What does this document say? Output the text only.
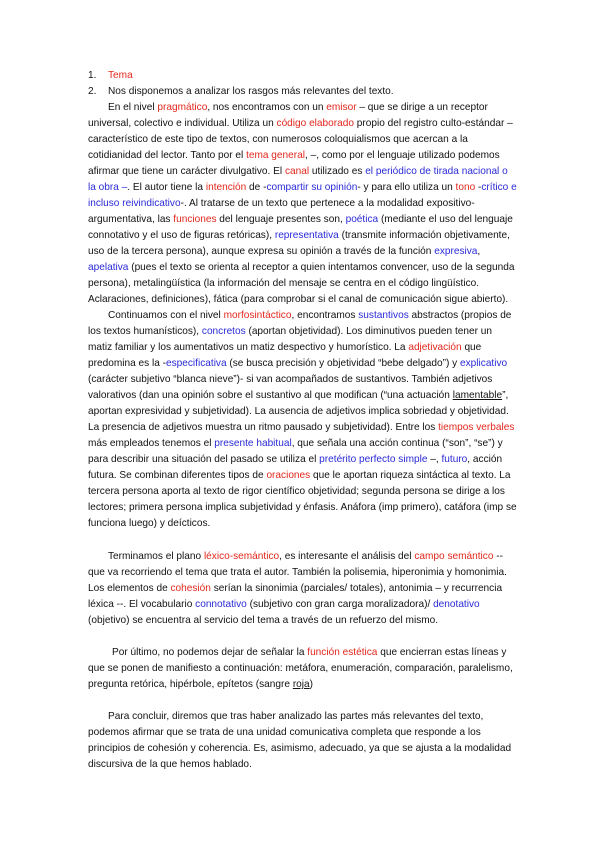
1. Tema
2. Nos disponemos a analizar los rasgos más relevantes del texto.

En el nivel pragmático, nos encontramos con un emisor – que se dirige a un receptor universal, colectivo e individual. Utiliza un código elaborado propio del registro culto-estándar – característico de este tipo de textos, con numerosos coloquialismos que acercan a la cotidianidad del lector. Tanto por el tema general, –, como por el lenguaje utilizado podemos afirmar que tiene un carácter divulgativo. El canal utilizado es el periódico de tirada nacional o la obra –. El autor tiene la intención de -compartir su opinión- y para ello utiliza un tono -crítico e incluso reivindicativo-. Al tratarse de un texto que pertenece a la modalidad expositivo- argumentativa, las funciones del lenguaje presentes son, poética (mediante el uso del lenguaje connotativo y el uso de figuras retóricas), representativa (transmite información objetivamente, uso de la tercera persona), aunque expresa su opinión a través de la función expresiva, apelativa (pues el texto se orienta al receptor a quien intentamos convencer, uso de la segunda persona), metalingüística (la información del mensaje se centra en el código lingüístico. Aclaraciones, definiciones), fática (para comprobar si el canal de comunicación sigue abierto).

Continuamos con el nivel morfosintáctico, encontramos sustantivos abstractos (propios de los textos humanísticos), concretos (aportan objetividad). Los diminutivos pueden tener un matiz familiar y los aumentativos un matiz despectivo y humorístico. La adjetivación que predomina es la -especificativa (se busca precisión y objetividad “bebe delgado”) y explicativo (carácter subjetivo “blanca nieve”)- si van acompañados de sustantivos. También adjetivos valorativos (dan una opinión sobre el sustantivo al que modifican (“una actuación lamentable”, aportan expresividad y subjetividad). La ausencia de adjetivos implica sobriedad y objetividad. La presencia de adjetivos muestra un ritmo pausado y subjetividad). Entre los tiempos verbales más empleados tenemos el presente habitual, que señala una acción continua (“son”, “se”) y para describir una situación del pasado se utiliza el pretérito perfecto simple –, futuro, acción futura. Se combinan diferentes tipos de oraciones que le aportan riqueza sintáctica al texto. La tercera persona aporta al texto de rigor científico objetividad; segunda persona se dirige a los lectores; primera persona implica subjetividad y énfasis. Anáfora (imp primero), catáfora (imp se funciona luego) y deícticos.

Terminamos el plano léxico-semántico, es interesante el análisis del campo semántico -- que va recorriendo el tema que trata el autor. También la polisemia, hiperonimia y homonimia. Los elementos de cohesión serían la sinonimia (parciales/ totales), antonimia – y recurrencia léxica --. El vocabulario connotativo (subjetivo con gran carga moralizadora)/ denotativo (objetivo) se encuentra al servicio del tema a través de un refuerzo del mismo.

Por último, no podemos dejar de señalar la función estética que encierran estas líneas y que se ponen de manifiesto a continuación: metáfora, enumeración, comparación, paralelismo, pregunta retórica, hipérbole, epítetos (sangre roja)

Para concluir, diremos que tras haber analizado las partes más relevantes del texto, podemos afirmar que se trata de una unidad comunicativa completa que responde a los principios de cohesión y coherencia. Es, asimismo, adecuado, ya que se ajusta a la modalidad discursiva de la que hemos hablado.
